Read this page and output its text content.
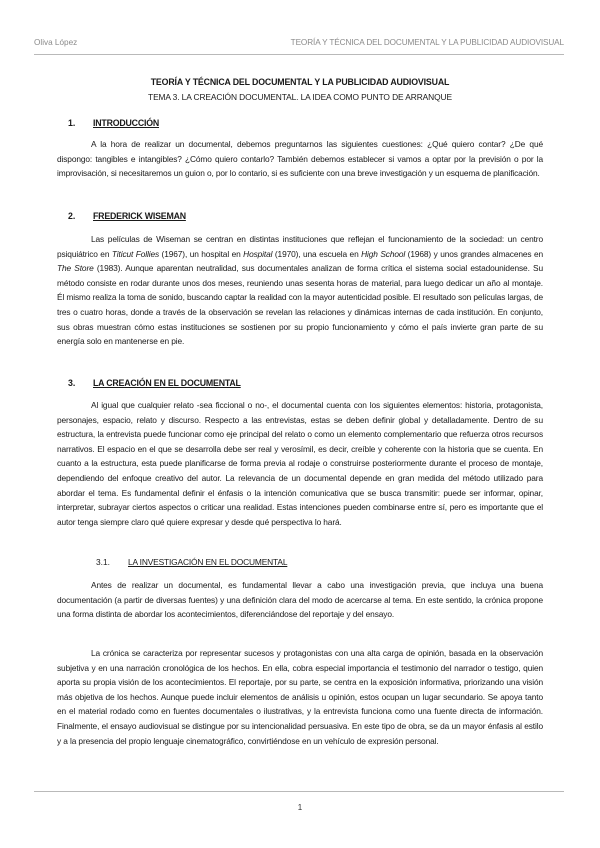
Oliva López	TEORÍA Y TÉCNICA DEL DOCUMENTAL Y LA PUBLICIDAD AUDIOVISUAL
TEORÍA Y TÉCNICA DEL DOCUMENTAL Y LA PUBLICIDAD AUDIOVISUAL
TEMA 3. LA CREACIÓN DOCUMENTAL. LA IDEA COMO PUNTO DE ARRANQUE
1. INTRODUCCIÓN
A la hora de realizar un documental, debemos preguntarnos las siguientes cuestiones: ¿Qué quiero contar? ¿De qué dispongo: tangibles e intangibles? ¿Cómo quiero contarlo? También debemos establecer si vamos a optar por la previsión o por la improvisación, si necesitaremos un guion o, por lo contario, si es suficiente con una breve investigación y un esquema de planificación.
2. FREDERICK WISEMAN
Las películas de Wiseman se centran en distintas instituciones que reflejan el funcionamiento de la sociedad: un centro psiquiátrico en Titicut Follies (1967), un hospital en Hospital (1970), una escuela en High School (1968) y unos grandes almacenes en The Store (1983). Aunque aparentan neutralidad, sus documentales analizan de forma crítica el sistema social estadounidense. Su método consiste en rodar durante unos dos meses, reuniendo unas sesenta horas de material, para luego dedicar un año al montaje. Él mismo realiza la toma de sonido, buscando captar la realidad con la mayor autenticidad posible. El resultado son películas largas, de tres o cuatro horas, donde a través de la observación se revelan las relaciones y dinámicas internas de cada institución. En conjunto, sus obras muestran cómo estas instituciones se sostienen por su propio funcionamiento y cómo el país invierte gran parte de su energía solo en mantenerse en pie.
3. LA CREACIÓN EN EL DOCUMENTAL
Al igual que cualquier relato -sea ficcional o no-, el documental cuenta con los siguientes elementos: historia, protagonista, personajes, espacio, relato y discurso. Respecto a las entrevistas, estas se deben definir global y detalladamente. Dentro de su estructura, la entrevista puede funcionar como eje principal del relato o como un elemento complementario que refuerza otros recursos narrativos. El espacio en el que se desarrolla debe ser real y verosímil, es decir, creíble y coherente con la historia que se cuenta. En cuanto a la estructura, esta puede planificarse de forma previa al rodaje o construirse posteriormente durante el proceso de montaje, dependiendo del enfoque creativo del autor. La relevancia de un documental depende en gran medida del método utilizado para abordar el tema. Es fundamental definir el énfasis o la intención comunicativa que se busca transmitir: puede ser informar, opinar, interpretar, subrayar ciertos aspectos o criticar una realidad. Estas intenciones pueden combinarse entre sí, pero es importante que el autor tenga siempre claro qué quiere expresar y desde qué perspectiva lo hará.
3.1. LA INVESTIGACIÓN EN EL DOCUMENTAL
Antes de realizar un documental, es fundamental llevar a cabo una investigación previa, que incluya una buena documentación (a partir de diversas fuentes) y una definición clara del modo de acercarse al tema. En este sentido, la crónica propone una forma distinta de abordar los acontecimientos, diferenciándose del reportaje y del ensayo.
La crónica se caracteriza por representar sucesos y protagonistas con una alta carga de opinión, basada en la observación subjetiva y en una narración cronológica de los hechos. En ella, cobra especial importancia el testimonio del narrador o testigo, quien aporta su propia visión de los acontecimientos. El reportaje, por su parte, se centra en la exposición informativa, priorizando una visión más objetiva de los hechos. Aunque puede incluir elementos de análisis u opinión, estos ocupan un lugar secundario. Se apoya tanto en el material rodado como en fuentes documentales o ilustrativas, y la entrevista funciona como una fuente directa de información. Finalmente, el ensayo audiovisual se distingue por su intencionalidad persuasiva. En este tipo de obra, se da un mayor énfasis al estilo y a la presencia del propio lenguaje cinematográfico, convirtiéndose en un vehículo de expresión personal.
1
